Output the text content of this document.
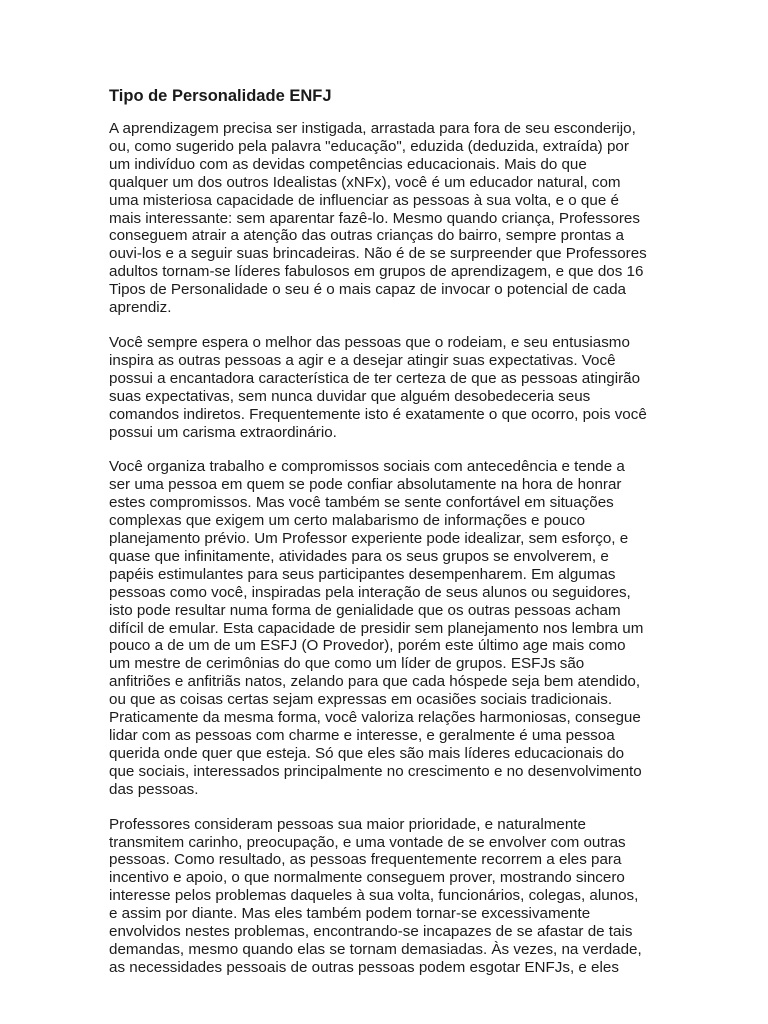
Tipo de Personalidade ENFJ

A aprendizagem precisa ser instigada, arrastada para fora de seu esconderijo,
ou, como sugerido pela palavra "educação", eduzida (deduzida, extraída) por
um indivíduo com as devidas competências educacionais. Mais do que
qualquer um dos outros Idealistas (xNFx), você é um educador natural, com
uma misteriosa capacidade de influenciar as pessoas à sua volta, e o que é
mais interessante: sem aparentar fazê-lo. Mesmo quando criança, Professores
conseguem atrair a atenção das outras crianças do bairro, sempre prontas a
ouvi-los e a seguir suas brincadeiras. Não é de se surpreender que Professores
adultos tornam-se líderes fabulosos em grupos de aprendizagem, e que dos 16
Tipos de Personalidade o seu é o mais capaz de invocar o potencial de cada
aprendiz.

Você sempre espera o melhor das pessoas que o rodeiam, e seu entusiasmo
inspira as outras pessoas a agir e a desejar atingir suas expectativas. Você
possui a encantadora característica de ter certeza de que as pessoas atingirão
suas expectativas, sem nunca duvidar que alguém desobedeceria seus
comandos indiretos. Frequentemente isto é exatamente o que ocorro, pois você
possui um carisma extraordinário.

Você organiza trabalho e compromissos sociais com antecedência e tende a
ser uma pessoa em quem se pode confiar absolutamente na hora de honrar
estes compromissos. Mas você também se sente confortável em situações
complexas que exigem um certo malabarismo de informações e pouco
planejamento prévio. Um Professor experiente pode idealizar, sem esforço, e
quase que infinitamente, atividades para os seus grupos se envolverem, e
papéis estimulantes para seus participantes desempenharem. Em algumas
pessoas como você, inspiradas pela interação de seus alunos ou seguidores,
isto pode resultar numa forma de genialidade que os outras pessoas acham
difícil de emular. Esta capacidade de presidir sem planejamento nos lembra um
pouco a de um de um ESFJ (O Provedor), porém este último age mais como
um mestre de cerimônias do que como um líder de grupos. ESFJs são
anfitriões e anfitriãs natos, zelando para que cada hóspede seja bem atendido,
ou que as coisas certas sejam expressas em ocasiões sociais tradicionais.
Praticamente da mesma forma, você valoriza relações harmoniosas, consegue
lidar com as pessoas com charme e interesse, e geralmente é uma pessoa
querida onde quer que esteja. Só que eles são mais líderes educacionais do
que sociais, interessados principalmente no crescimento e no desenvolvimento
das pessoas.

Professores consideram pessoas sua maior prioridade, e naturalmente
transmitem carinho, preocupação, e uma vontade de se envolver com outras
pessoas. Como resultado, as pessoas frequentemente recorrem a eles para
incentivo e apoio, o que normalmente conseguem prover, mostrando sincero
interesse pelos problemas daqueles à sua volta, funcionários, colegas, alunos,
e assim por diante. Mas eles também podem tornar-se excessivamente
envolvidos nestes problemas, encontrando-se incapazes de se afastar de tais
demandas, mesmo quando elas se tornam demasiadas. Às vezes, na verdade,
as necessidades pessoais de outras pessoas podem esgotar ENFJs, e eles
